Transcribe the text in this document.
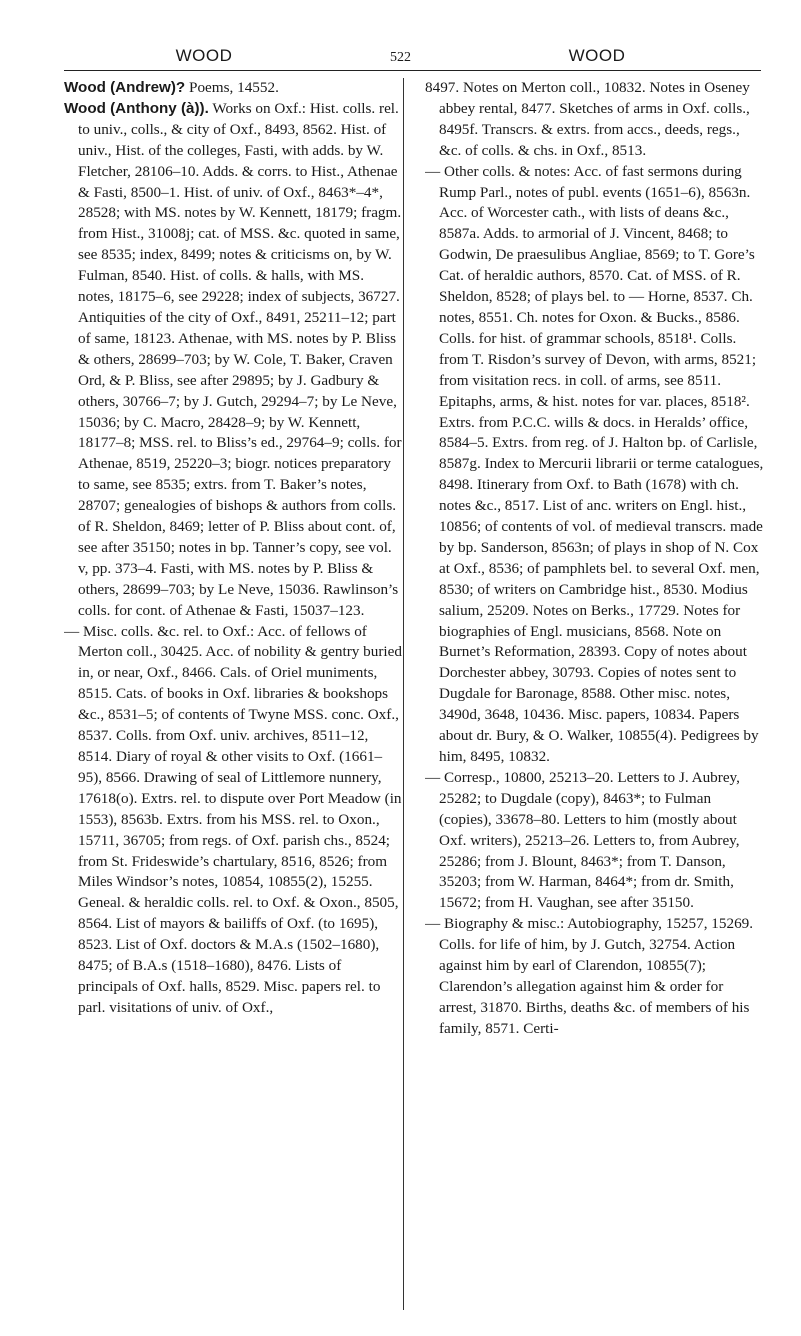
WOOD	522	WOOD

Wood (Andrew)? Poems, 14552.

Wood (Anthony (à)). Works on Oxf.: Hist. colls. rel. to univ., colls., & city of Oxf., 8493, 8562. Hist. of univ., Hist. of the colleges, Fasti, with adds. by W. Fletcher, 28106–10. Adds. & corrs. to Hist., Athenae & Fasti, 8500–1. Hist. of univ. of Oxf., 8463*–4*, 28528; with MS. notes by W. Kennett, 18179; fragm. from Hist., 31008j; cat. of MSS. &c. quoted in same, see 8535; index, 8499; notes & criticisms on, by W. Fulman, 8540. Hist. of colls. & halls, with MS. notes, 18175–6, see 29228; index of subjects, 36727. Antiquities of the city of Oxf., 8491, 25211–12; part of same, 18123. Athenae, with MS. notes by P. Bliss & others, 28699–703; by W. Cole, T. Baker, Craven Ord, & P. Bliss, see after 29895; by J. Gadbury & others, 30766–7; by J. Gutch, 29294–7; by Le Neve, 15036; by C. Macro, 28428–9; by W. Kennett, 18177–8; MSS. rel. to Bliss’s ed., 29764–9; colls. for Athenae, 8519, 25220–3; biogr. notices preparatory to same, see 8535; extrs. from T. Baker’s notes, 28707; genealogies of bishops & authors from colls. of R. Sheldon, 8469; letter of P. Bliss about cont. of, see after 35150; notes in bp. Tanner’s copy, see vol. v, pp. 373–4. Fasti, with MS. notes by P. Bliss & others, 28699–703; by Le Neve, 15036. Rawlinson’s colls. for cont. of Athenae & Fasti, 15037–123.

— Misc. colls. &c. rel. to Oxf.: Acc. of fellows of Merton coll., 30425. Acc. of nobility & gentry buried in, or near, Oxf., 8466. Cals. of Oriel muniments, 8515. Cats. of books in Oxf. libraries & bookshops &c., 8531–5; of contents of Twyne MSS. conc. Oxf., 8537. Colls. from Oxf. univ. archives, 8511–12, 8514. Diary of royal & other visits to Oxf. (1661–95), 8566. Drawing of seal of Littlemore nunnery, 17618(o). Extrs. rel. to dispute over Port Meadow (in 1553), 8563b. Extrs. from his MSS. rel. to Oxon., 15711, 36705; from regs. of Oxf. parish chs., 8524; from St. Frideswide’s chartulary, 8516, 8526; from Miles Windsor’s notes, 10854, 10855(2), 15255. Geneal. & heraldic colls. rel. to Oxf. & Oxon., 8505, 8564. List of mayors & bailiffs of Oxf. (to 1695), 8523. List of Oxf. doctors & M.A.s (1502–1680), 8475; of B.A.s (1518–1680), 8476. Lists of principals of Oxf. halls, 8529. Misc. papers rel. to parl. visitations of univ. of Oxf.,

8497. Notes on Merton coll., 10832. Notes in Oseney abbey rental, 8477. Sketches of arms in Oxf. colls., 8495f. Transcrs. & extrs. from accs., deeds, regs., &c. of colls. & chs. in Oxf., 8513.

— Other colls. & notes: Acc. of fast sermons during Rump Parl., notes of publ. events (1651–6), 8563n. Acc. of Worcester cath., with lists of deans &c., 8587a. Adds. to armorial of J. Vincent, 8468; to Godwin, De praesulibus Angliae, 8569; to T. Gore’s Cat. of heraldic authors, 8570. Cat. of MSS. of R. Sheldon, 8528; of plays bel. to — Horne, 8537. Ch. notes, 8551. Ch. notes for Oxon. & Bucks., 8586. Colls. for hist. of grammar schools, 8518¹. Colls. from T. Risdon’s survey of Devon, with arms, 8521; from visitation recs. in coll. of arms, see 8511. Epitaphs, arms, & hist. notes for var. places, 8518². Extrs. from P.C.C. wills & docs. in Heralds’ office, 8584–5. Extrs. from reg. of J. Halton bp. of Carlisle, 8587g. Index to Mercurii librarii or terme catalogues, 8498. Itinerary from Oxf. to Bath (1678) with ch. notes &c., 8517. List of anc. writers on Engl. hist., 10856; of contents of vol. of medieval transcrs. made by bp. Sanderson, 8563n; of plays in shop of N. Cox at Oxf., 8536; of pamphlets bel. to several Oxf. men, 8530; of writers on Cambridge hist., 8530. Modius salium, 25209. Notes on Berks., 17729. Notes for biographies of Engl. musicians, 8568. Note on Burnet’s Reformation, 28393. Copy of notes about Dorchester abbey, 30793. Copies of notes sent to Dugdale for Baronage, 8588. Other misc. notes, 3490d, 3648, 10436. Misc. papers, 10834. Papers about dr. Bury, & O. Walker, 10855(4). Pedigrees by him, 8495, 10832.

— Corresp., 10800, 25213–20. Letters to J. Aubrey, 25282; to Dugdale (copy), 8463*; to Fulman (copies), 33678–80. Letters to him (mostly about Oxf. writers), 25213–26. Letters to, from Aubrey, 25286; from J. Blount, 8463*; from T. Danson, 35203; from W. Harman, 8464*; from dr. Smith, 15672; from H. Vaughan, see after 35150.

— Biography & misc.: Autobiography, 15257, 15269. Colls. for life of him, by J. Gutch, 32754. Action against him by earl of Clarendon, 10855(7); Clarendon’s allegation against him & order for arrest, 31870. Births, deaths &c. of members of his family, 8571. Certi-
